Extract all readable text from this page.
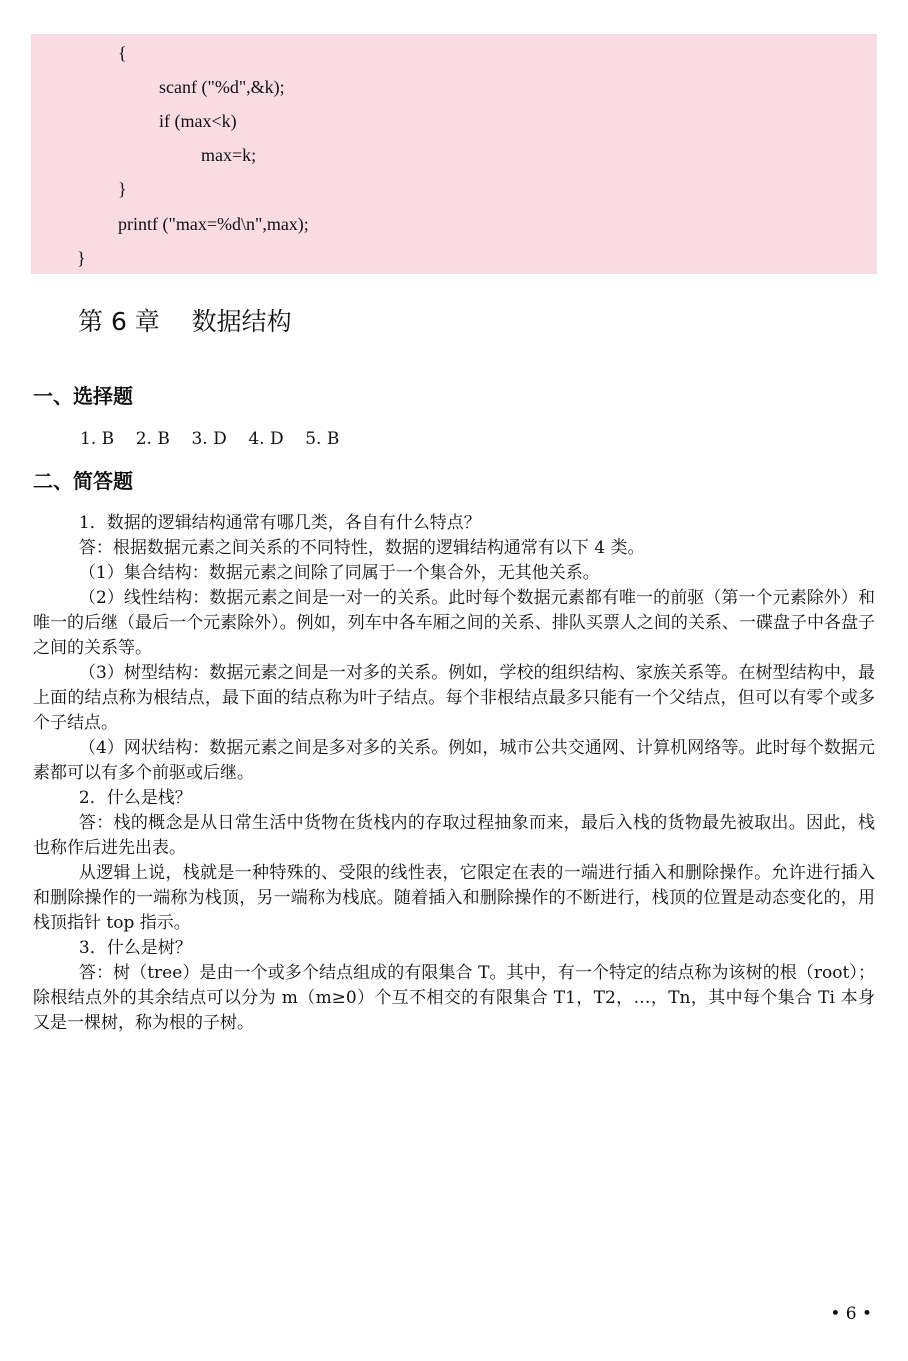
{
scanf ("%d",&k);
if (max<k)
max=k;
}
printf ("max=%d\n",max);
}
第 6 章    数据结构
一、选择题

1. B    2. B    3. D    4. D    5. B

二、简答题

1．数据的逻辑结构通常有哪几类，各自有什么特点？

答：根据数据元素之间关系的不同特性，数据的逻辑结构通常有以下 4 类。

（1）集合结构：数据元素之间除了同属于一个集合外，无其他关系。

（2）线性结构：数据元素之间是一对一的关系。此时每个数据元素都有唯一的前驱（第一个元素除外）和唯一的后继（最后一个元素除外）。例如，列车中各车厢之间的关系、排队买票人之间的关系、一碟盘子中各盘子之间的关系等。

（3）树型结构：数据元素之间是一对多的关系。例如，学校的组织结构、家族关系等。在树型结构中，最上面的结点称为根结点，最下面的结点称为叶子结点。每个非根结点最多只能有一个父结点，但可以有零个或多个子结点。

（4）网状结构：数据元素之间是多对多的关系。例如，城市公共交通网、计算机网络等。此时每个数据元素都可以有多个前驱或后继。

2．什么是栈？

答：栈的概念是从日常生活中货物在货栈内的存取过程抽象而来，最后入栈的货物最先被取出。因此，栈也称作后进先出表。

从逻辑上说，栈就是一种特殊的、受限的线性表，它限定在表的一端进行插入和删除操作。允许进行插入和删除操作的一端称为栈顶，另一端称为栈底。随着插入和删除操作的不断进行，栈顶的位置是动态变化的，用栈顶指针 top 指示。

3．什么是树？

答：树（tree）是由一个或多个结点组成的有限集合 T。其中，有一个特定的结点称为该树的根（root）；除根结点外的其余结点可以分为 m（m≥0）个互不相交的有限集合 T1，T2，…，Tn，其中每个集合 Ti 本身又是一棵树，称为根的子树。

• 6 •
